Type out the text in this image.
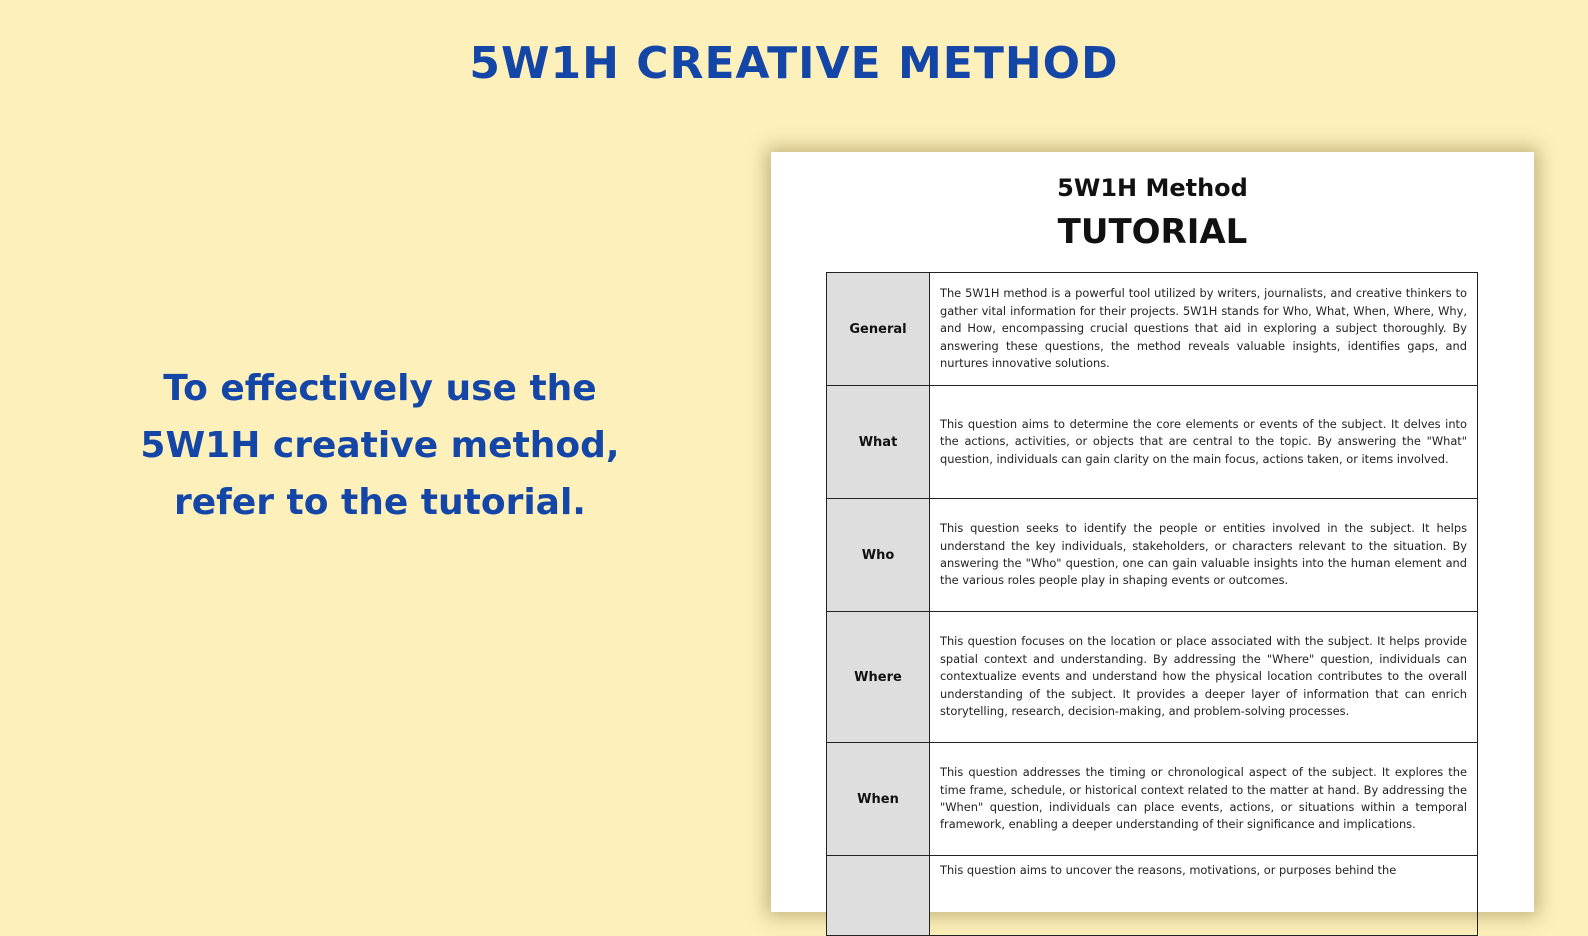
5W1H CREATIVE METHOD

To effectively use the
5W1H creative method,
refer to the tutorial.

5W1H Method
TUTORIAL
General	The 5W1H method is a powerful tool utilized by writers, journalists, and creative thinkers to gather vital information for their projects. 5W1H stands for Who, What, When, Where, Why, and How, encompassing crucial questions that aid in exploring a subject thoroughly. By answering these questions, the method reveals valuable insights, identifies gaps, and nurtures innovative solutions.
What	This question aims to determine the core elements or events of the subject. It delves into the actions, activities, or objects that are central to the topic. By answering the "What" question, individuals can gain clarity on the main focus, actions taken, or items involved.
Who	This question seeks to identify the people or entities involved in the subject. It helps understand the key individuals, stakeholders, or characters relevant to the situation. By answering the "Who" question, one can gain valuable insights into the human element and the various roles people play in shaping events or outcomes.
Where	This question focuses on the location or place associated with the subject. It helps provide spatial context and understanding. By addressing the "Where" question, individuals can contextualize events and understand how the physical location contributes to the overall understanding of the subject. It provides a deeper layer of information that can enrich storytelling, research, decision-making, and problem-solving processes.
When	This question addresses the timing or chronological aspect of the subject. It explores the time frame, schedule, or historical context related to the matter at hand. By addressing the "When" question, individuals can place events, actions, or situations within a temporal framework, enabling a deeper understanding of their significance and implications.
	This question aims to uncover the reasons, motivations, or purposes behind the
